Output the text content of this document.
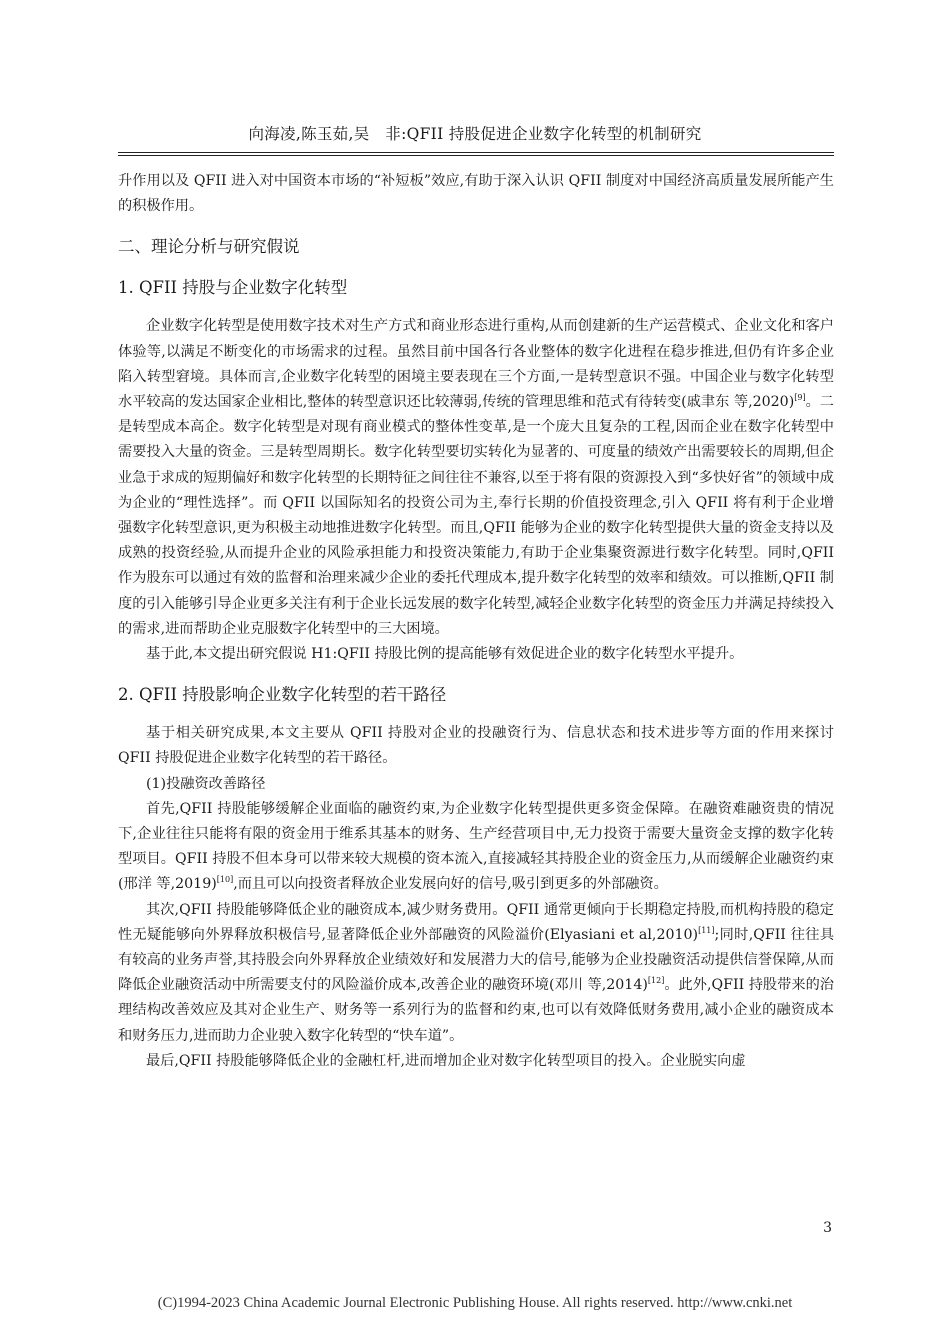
向海凌,陈玉茹,吴　非:QFII 持股促进企业数字化转型的机制研究

升作用以及 QFII 进入对中国资本市场的“补短板”效应,有助于深入认识 QFII 制度对中国经济高质量发展所能产生的积极作用。

二、理论分析与研究假说
1. QFII 持股与企业数字化转型

企业数字化转型是使用数字技术对生产方式和商业形态进行重构,从而创建新的生产运营模式、企业文化和客户体验等,以满足不断变化的市场需求的过程。虽然目前中国各行各业整体的数字化进程在稳步推进,但仍有许多企业陷入转型窘境。具体而言,企业数字化转型的困境主要表现在三个方面,一是转型意识不强。中国企业与数字化转型水平较高的发达国家企业相比,整体的转型意识还比较薄弱,传统的管理思维和范式有待转变(戚聿东 等,2020)[9]。二是转型成本高企。数字化转型是对现有商业模式的整体性变革,是一个庞大且复杂的工程,因而企业在数字化转型中需要投入大量的资金。三是转型周期长。数字化转型要切实转化为显著的、可度量的绩效产出需要较长的周期,但企业急于求成的短期偏好和数字化转型的长期特征之间往往不兼容,以至于将有限的资源投入到“多快好省”的领域中成为企业的“理性选择”。而 QFII 以国际知名的投资公司为主,奉行长期的价值投资理念,引入 QFII 将有利于企业增强数字化转型意识,更为积极主动地推进数字化转型。而且,QFII 能够为企业的数字化转型提供大量的资金支持以及成熟的投资经验,从而提升企业的风险承担能力和投资决策能力,有助于企业集聚资源进行数字化转型。同时,QFII 作为股东可以通过有效的监督和治理来减少企业的委托代理成本,提升数字化转型的效率和绩效。可以推断,QFII 制度的引入能够引导企业更多关注有利于企业长远发展的数字化转型,减轻企业数字化转型的资金压力并满足持续投入的需求,进而帮助企业克服数字化转型中的三大困境。

基于此,本文提出研究假说 H1:QFII 持股比例的提高能够有效促进企业的数字化转型水平提升。

2. QFII 持股影响企业数字化转型的若干路径

基于相关研究成果,本文主要从 QFII 持股对企业的投融资行为、信息状态和技术进步等方面的作用来探讨 QFII 持股促进企业数字化转型的若干路径。

(1)投融资改善路径

首先,QFII 持股能够缓解企业面临的融资约束,为企业数字化转型提供更多资金保障。在融资难融资贵的情况下,企业往往只能将有限的资金用于维系其基本的财务、生产经营项目中,无力投资于需要大量资金支撑的数字化转型项目。QFII 持股不但本身可以带来较大规模的资本流入,直接减轻其持股企业的资金压力,从而缓解企业融资约束(邢洋 等,2019)[10],而且可以向投资者释放企业发展向好的信号,吸引到更多的外部融资。

其次,QFII 持股能够降低企业的融资成本,减少财务费用。QFII 通常更倾向于长期稳定持股,而机构持股的稳定性无疑能够向外界释放积极信号,显著降低企业外部融资的风险溢价(Elyasiani et al,2010)[11];同时,QFII 往往具有较高的业务声誉,其持股会向外界释放企业绩效好和发展潜力大的信号,能够为企业投融资活动提供信誉保障,从而降低企业融资活动中所需要支付的风险溢价成本,改善企业的融资环境(邓川 等,2014)[12]。此外,QFII 持股带来的治理结构改善效应及其对企业生产、财务等一系列行为的监督和约束,也可以有效降低财务费用,减小企业的融资成本和财务压力,进而助力企业驶入数字化转型的“快车道”。

最后,QFII 持股能够降低企业的金融杠杆,进而增加企业对数字化转型项目的投入。企业脱实向虚

3
(C)1994-2023 China Academic Journal Electronic Publishing House. All rights reserved. http://www.cnki.net
